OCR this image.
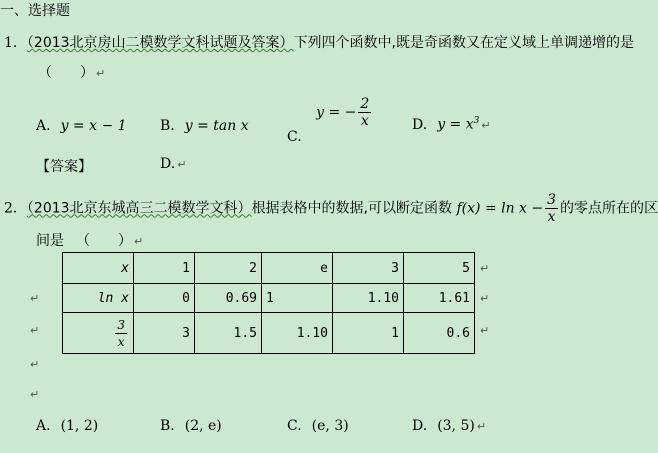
一、选择题
1．（2013北京房山二模数学文科试题及答案）下列四个函数中,既是奇函数又在定义域上单调递增的是
（　　） ↵
A. y = x − 1 B. y = tan x
C. y = − $\frac{2}{x}$	D. $y = x^3$ ↵
【答案】	D. ↵
2．（2013北京东城高三二模数学文科）根据表格中的数据,可以断定函数 $f(x) = \ln x - \frac{3}{x}$ 的零点所在的区
间是 （　　） ↵
x	1	2	e	3	5
ln x	0	0.69	1	1.10	1.61

$\frac{3}{x}$	3	1.5	1.10	1	0.6
↵
↵
↵
↵
↵
↵
↵
A. (1, 2)	B. (2, e)	C. (e, 3)	D. (3, 5) ↵
